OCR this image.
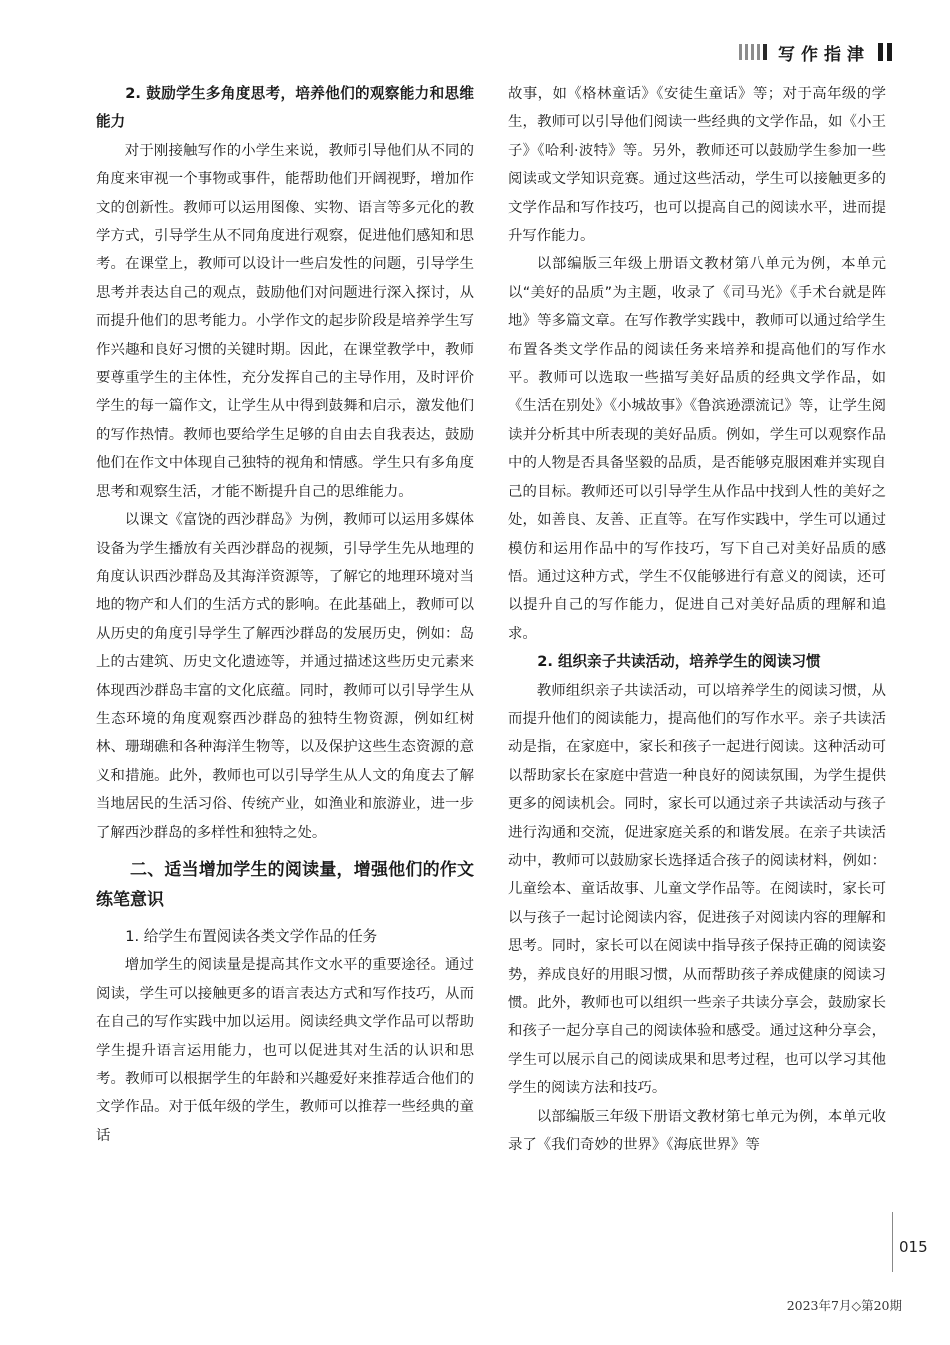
写作指津
2. 鼓励学生多角度思考，培养他们的观察能力和思维能力

对于刚接触写作的小学生来说，教师引导他们从不同的角度来审视一个事物或事件，能帮助他们开阔视野，增加作文的创新性。教师可以运用图像、实物、语言等多元化的教学方式，引导学生从不同角度进行观察，促进他们感知和思考。在课堂上，教师可以设计一些启发性的问题，引导学生思考并表达自己的观点，鼓励他们对问题进行深入探讨，从而提升他们的思考能力。小学作文的起步阶段是培养学生写作兴趣和良好习惯的关键时期。因此，在课堂教学中，教师要尊重学生的主体性，充分发挥自己的主导作用，及时评价学生的每一篇作文，让学生从中得到鼓舞和启示，激发他们的写作热情。教师也要给学生足够的自由去自我表达，鼓励他们在作文中体现自己独特的视角和情感。学生只有多角度思考和观察生活，才能不断提升自己的思维能力。

以课文《富饶的西沙群岛》为例，教师可以运用多媒体设备为学生播放有关西沙群岛的视频，引导学生先从地理的角度认识西沙群岛及其海洋资源等，了解它的地理环境对当地的物产和人们的生活方式的影响。在此基础上，教师可以从历史的角度引导学生了解西沙群岛的发展历史，例如：岛上的古建筑、历史文化遗迹等，并通过描述这些历史元素来体现西沙群岛丰富的文化底蕴。同时，教师可以引导学生从生态环境的角度观察西沙群岛的独特生物资源，例如红树林、珊瑚礁和各种海洋生物等，以及保护这些生态资源的意义和措施。此外，教师也可以引导学生从人文的角度去了解当地居民的生活习俗、传统产业，如渔业和旅游业，进一步了解西沙群岛的多样性和独特之处。

二、适当增加学生的阅读量，增强他们的作文练笔意识
1. 给学生布置阅读各类文学作品的任务

增加学生的阅读量是提高其作文水平的重要途径。通过阅读，学生可以接触更多的语言表达方式和写作技巧，从而在自己的写作实践中加以运用。阅读经典文学作品可以帮助学生提升语言运用能力，也可以促进其对生活的认识和思考。教师可以根据学生的年龄和兴趣爱好来推荐适合他们的文学作品。对于低年级的学生，教师可以推荐一些经典的童话

故事，如《格林童话》《安徒生童话》等；对于高年级的学生，教师可以引导他们阅读一些经典的文学作品，如《小王子》《哈利·波特》等。另外，教师还可以鼓励学生参加一些阅读或文学知识竞赛。通过这些活动，学生可以接触更多的文学作品和写作技巧，也可以提高自己的阅读水平，进而提升写作能力。

以部编版三年级上册语文教材第八单元为例，本单元以“美好的品质”为主题，收录了《司马光》《手术台就是阵地》等多篇文章。在写作教学实践中，教师可以通过给学生布置各类文学作品的阅读任务来培养和提高他们的写作水平。教师可以选取一些描写美好品质的经典文学作品，如《生活在别处》《小城故事》《鲁滨逊漂流记》等，让学生阅读并分析其中所表现的美好品质。例如，学生可以观察作品中的人物是否具备坚毅的品质，是否能够克服困难并实现自己的目标。教师还可以引导学生从作品中找到人性的美好之处，如善良、友善、正直等。在写作实践中，学生可以通过模仿和运用作品中的写作技巧，写下自己对美好品质的感悟。通过这种方式，学生不仅能够进行有意义的阅读，还可以提升自己的写作能力，促进自己对美好品质的理解和追求。

2. 组织亲子共读活动，培养学生的阅读习惯

教师组织亲子共读活动，可以培养学生的阅读习惯，从而提升他们的阅读能力，提高他们的写作水平。亲子共读活动是指，在家庭中，家长和孩子一起进行阅读。这种活动可以帮助家长在家庭中营造一种良好的阅读氛围，为学生提供更多的阅读机会。同时，家长可以通过亲子共读活动与孩子进行沟通和交流，促进家庭关系的和谐发展。在亲子共读活动中，教师可以鼓励家长选择适合孩子的阅读材料，例如：儿童绘本、童话故事、儿童文学作品等。在阅读时，家长可以与孩子一起讨论阅读内容，促进孩子对阅读内容的理解和思考。同时，家长可以在阅读中指导孩子保持正确的阅读姿势，养成良好的用眼习惯，从而帮助孩子养成健康的阅读习惯。此外，教师也可以组织一些亲子共读分享会，鼓励家长和孩子一起分享自己的阅读体验和感受。通过这种分享会，学生可以展示自己的阅读成果和思考过程，也可以学习其他学生的阅读方法和技巧。

以部编版三年级下册语文教材第七单元为例，本单元收录了《我们奇妙的世界》《海底世界》等

015
2023年7月◇第20期
